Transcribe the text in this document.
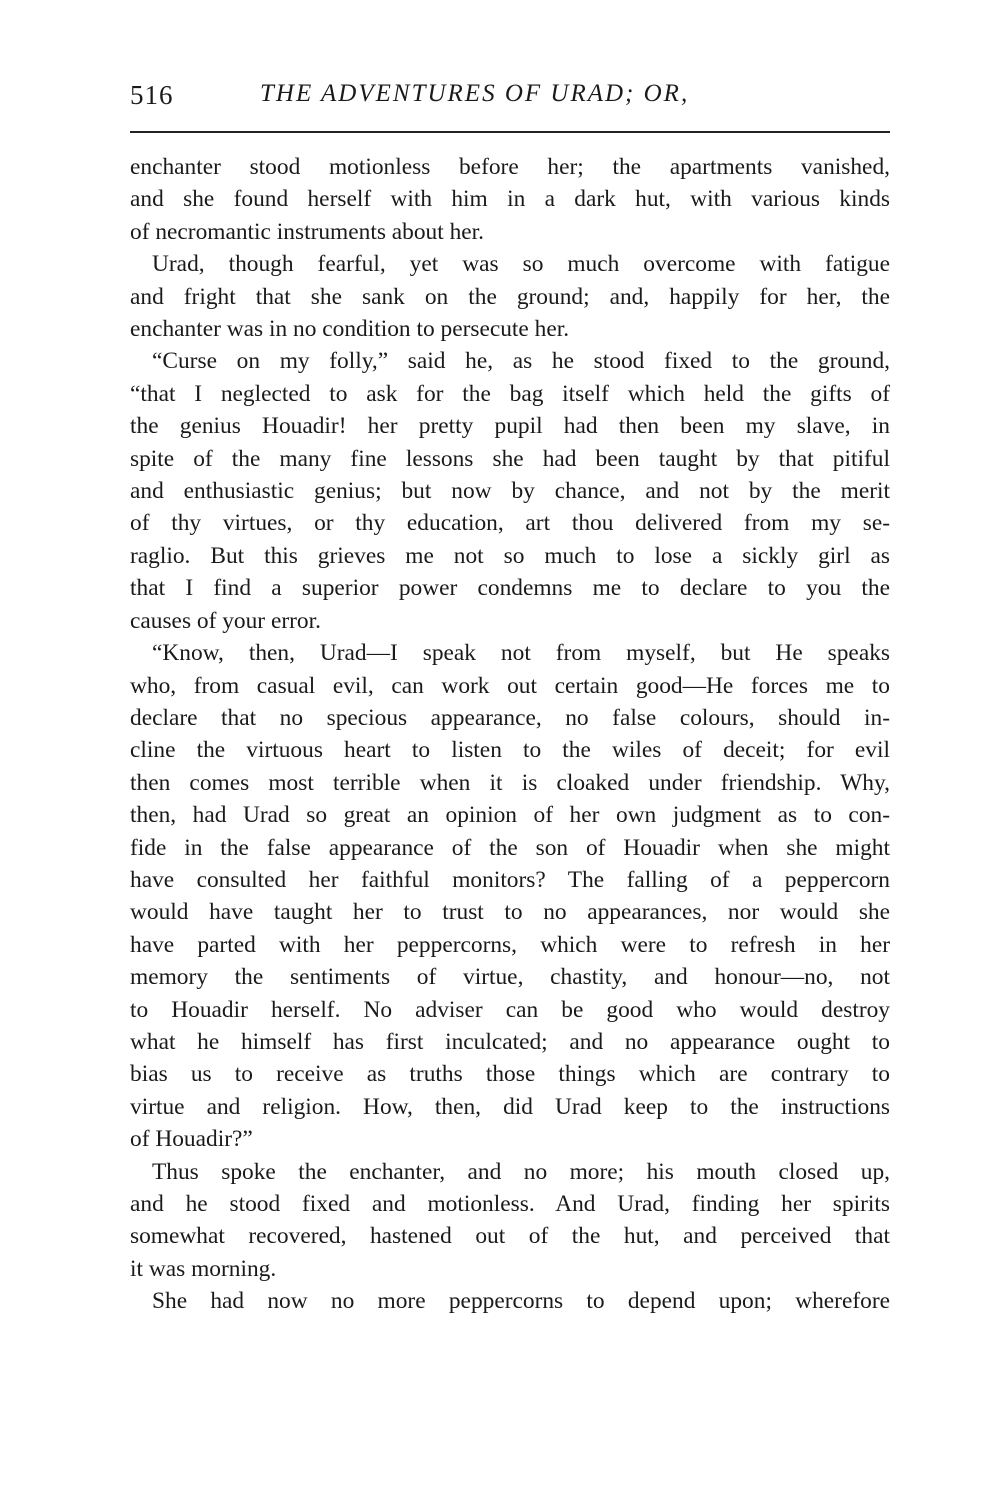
516	THE ADVENTURES OF URAD; OR,

enchanter stood motionless before her; the apartments vanished,
and she found herself with him in a dark hut, with various kinds
of necromantic instruments about her.

Urad, though fearful, yet was so much overcome with fatigue
and fright that she sank on the ground; and, happily for her, the
enchanter was in no condition to persecute her.

“Curse on my folly,” said he, as he stood fixed to the ground,
“that I neglected to ask for the bag itself which held the gifts of
the genius Houadir! her pretty pupil had then been my slave, in
spite of the many fine lessons she had been taught by that pitiful
and enthusiastic genius; but now by chance, and not by the merit
of thy virtues, or thy education, art thou delivered from my se-
raglio. But this grieves me not so much to lose a sickly girl as
that I find a superior power condemns me to declare to you the
causes of your error.

“Know, then, Urad—I speak not from myself, but He speaks
who, from casual evil, can work out certain good—He forces me to
declare that no specious appearance, no false colours, should in-
cline the virtuous heart to listen to the wiles of deceit; for evil
then comes most terrible when it is cloaked under friendship. Why,
then, had Urad so great an opinion of her own judgment as to con-
fide in the false appearance of the son of Houadir when she might
have consulted her faithful monitors? The falling of a peppercorn
would have taught her to trust to no appearances, nor would she
have parted with her peppercorns, which were to refresh in her
memory the sentiments of virtue, chastity, and honour—no, not
to Houadir herself. No adviser can be good who would destroy
what he himself has first inculcated; and no appearance ought to
bias us to receive as truths those things which are contrary to
virtue and religion. How, then, did Urad keep to the instructions
of Houadir?”

Thus spoke the enchanter, and no more; his mouth closed up,
and he stood fixed and motionless. And Urad, finding her spirits
somewhat recovered, hastened out of the hut, and perceived that
it was morning.

She had now no more peppercorns to depend upon; wherefore
